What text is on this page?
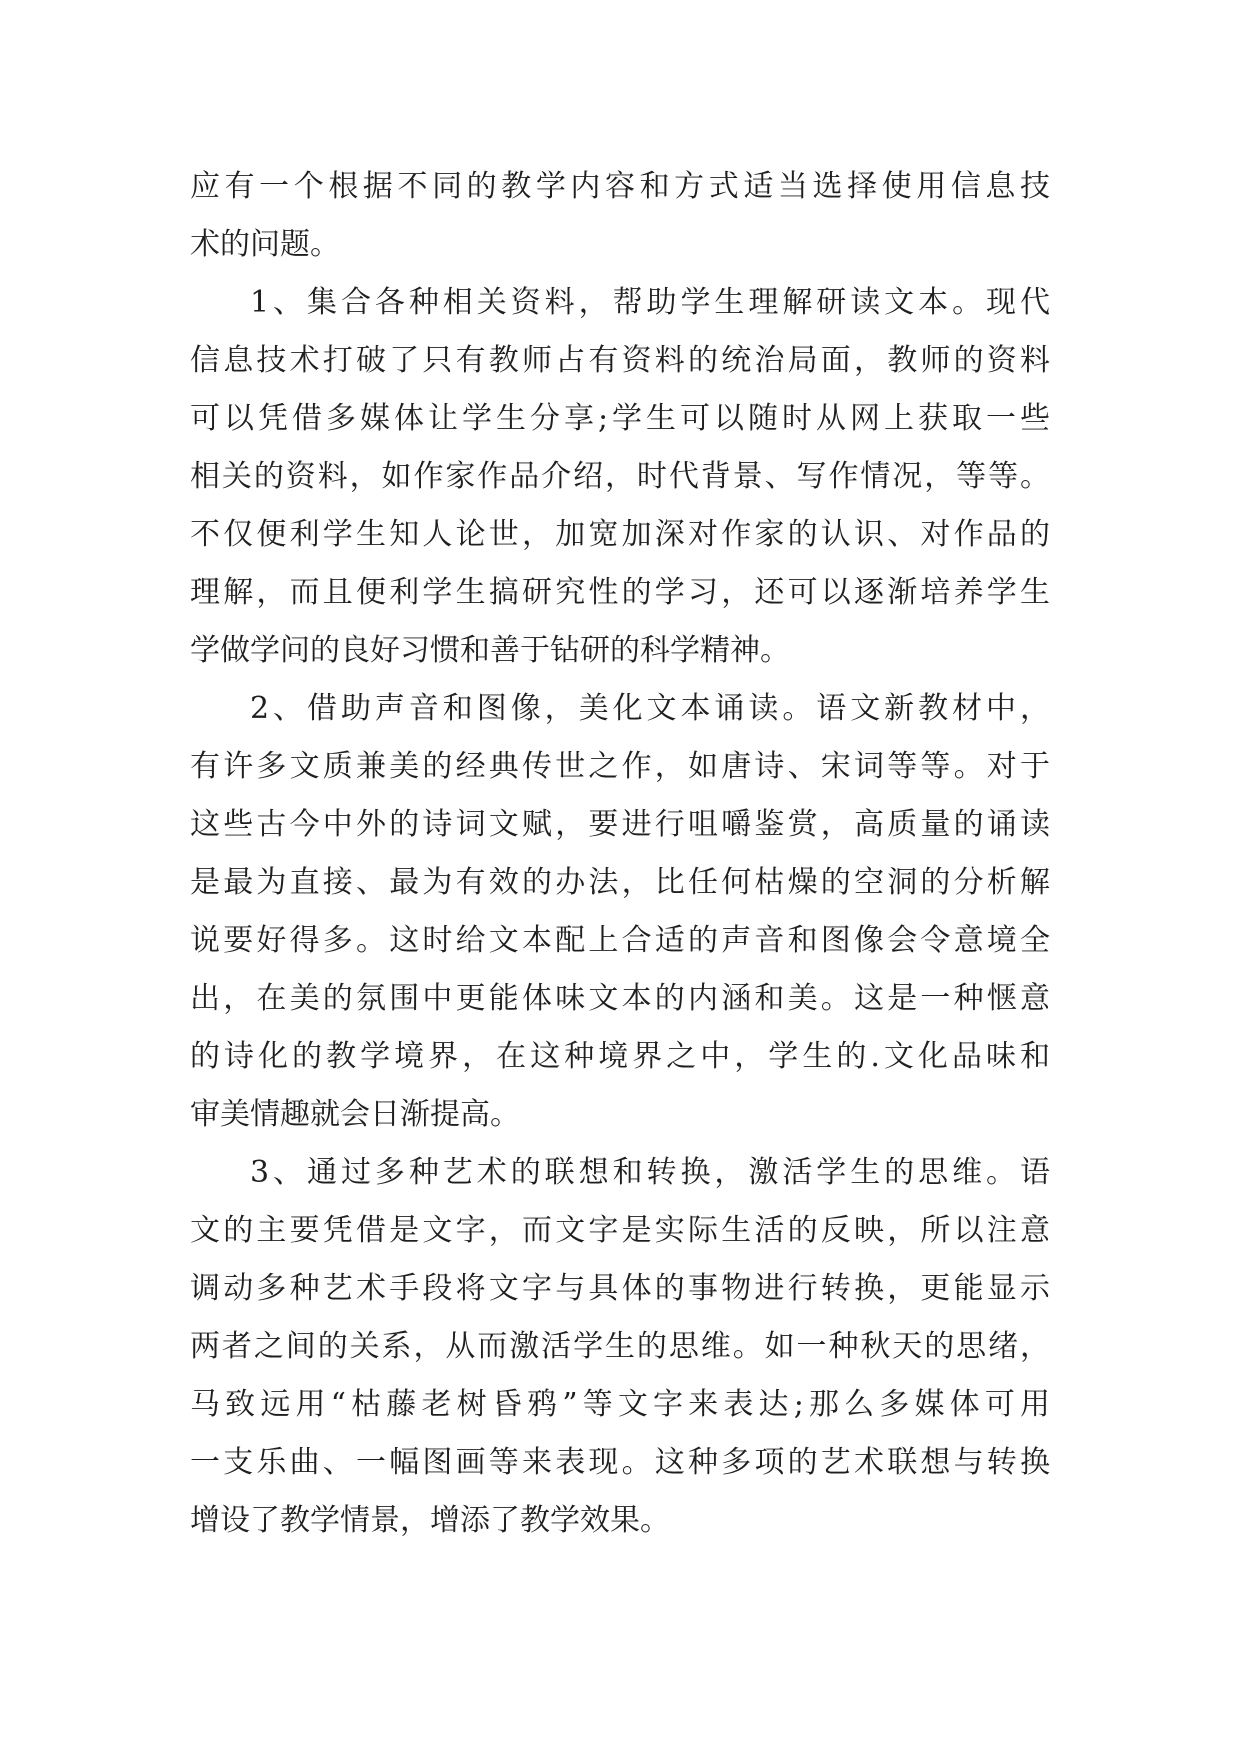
应有一个根据不同的教学内容和方式适当选择使用信息技
术的问题。
1、集合各种相关资料，帮助学生理解研读文本。现代
信息技术打破了只有教师占有资料的统治局面，教师的资料
可以凭借多媒体让学生分享;学生可以随时从网上获取一些
相关的资料，如作家作品介绍，时代背景、写作情况，等等。
不仅便利学生知人论世，加宽加深对作家的认识、对作品的
理解，而且便利学生搞研究性的学习，还可以逐渐培养学生
学做学问的良好习惯和善于钻研的科学精神。
2、借助声音和图像，美化文本诵读。语文新教材中，
有许多文质兼美的经典传世之作，如唐诗、宋词等等。对于
这些古今中外的诗词文赋，要进行咀嚼鉴赏，高质量的诵读
是最为直接、最为有效的办法，比任何枯燥的空洞的分析解
说要好得多。这时给文本配上合适的声音和图像会令意境全
出，在美的氛围中更能体味文本的内涵和美。这是一种惬意
的诗化的教学境界，在这种境界之中，学生的.文化品味和
审美情趣就会日渐提高。
3、通过多种艺术的联想和转换，激活学生的思维。语
文的主要凭借是文字，而文字是实际生活的反映，所以注意
调动多种艺术手段将文字与具体的事物进行转换，更能显示
两者之间的关系，从而激活学生的思维。如一种秋天的思绪，
马致远用“枯藤老树昏鸦”等文字来表达;那么多媒体可用
一支乐曲、一幅图画等来表现。这种多项的艺术联想与转换
增设了教学情景，增添了教学效果。
